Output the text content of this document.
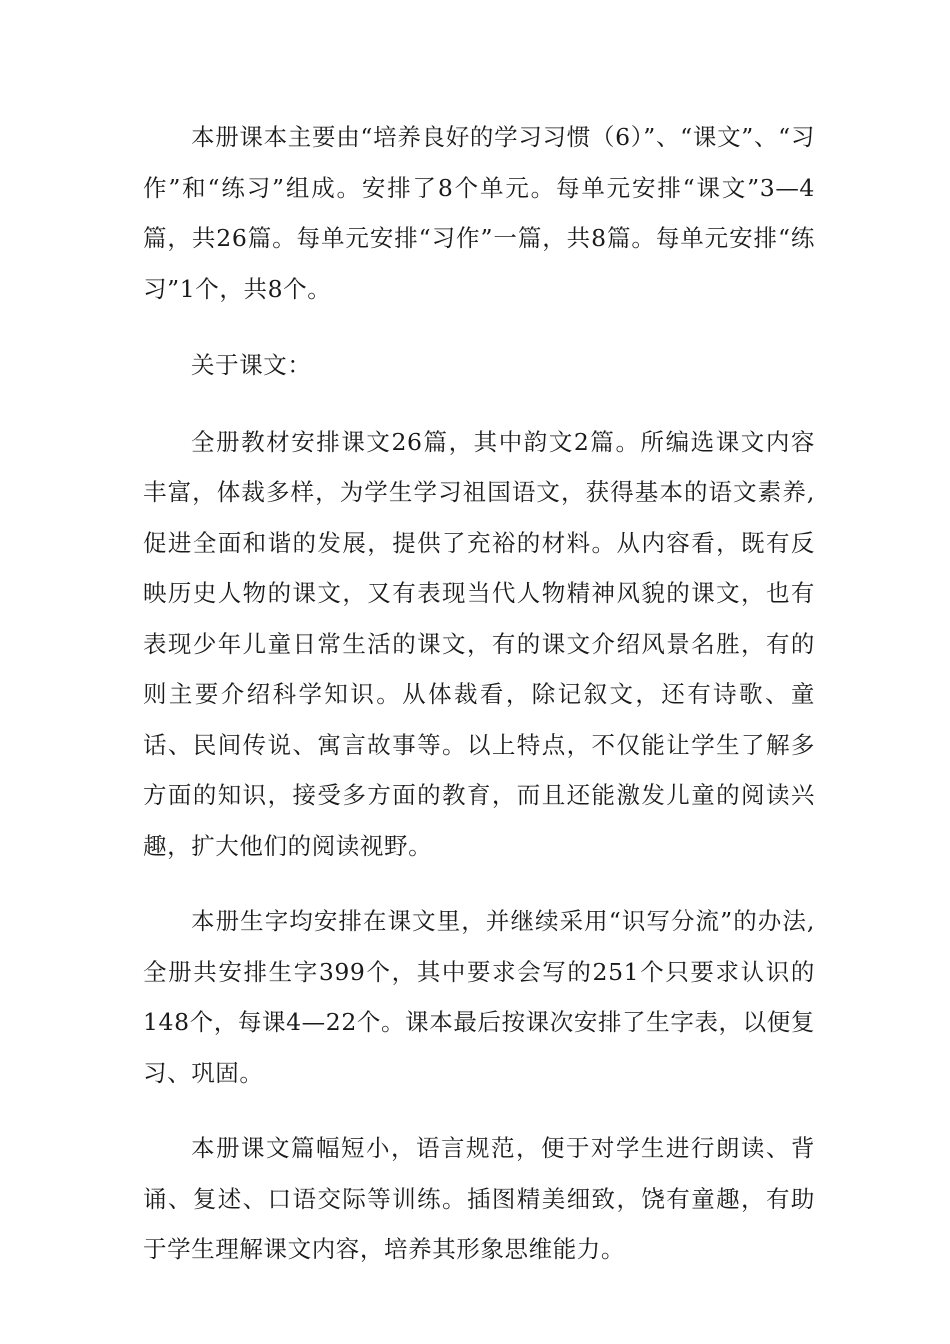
本册课本主要由“培养良好的学习习惯（6）”、“课文”、“习作”和“练习”组成。安排了8个单元。每单元安排“课文”3—4篇，共26篇。每单元安排“习作”一篇，共8篇。每单元安排“练习”1个，共8个。

关于课文：

全册教材安排课文26篇，其中韵文2篇。所编选课文内容丰富，体裁多样，为学生学习祖国语文，获得基本的语文素养,促进全面和谐的发展，提供了充裕的材料。从内容看，既有反映历史人物的课文，又有表现当代人物精神风貌的课文，也有表现少年儿童日常生活的课文，有的课文介绍风景名胜，有的则主要介绍科学知识。从体裁看，除记叙文，还有诗歌、童话、民间传说、寓言故事等。以上特点，不仅能让学生了解多方面的知识，接受多方面的教育，而且还能激发儿童的阅读兴趣，扩大他们的阅读视野。

本册生字均安排在课文里，并继续采用“识写分流”的办法,全册共安排生字399个，其中要求会写的251个只要求认识的148个，每课4—22个。课本最后按课次安排了生字表，以便复习、巩固。

本册课文篇幅短小，语言规范，便于对学生进行朗读、背诵、复述、口语交际等训练。插图精美细致，饶有童趣，有助于学生理解课文内容，培养其形象思维能力。
